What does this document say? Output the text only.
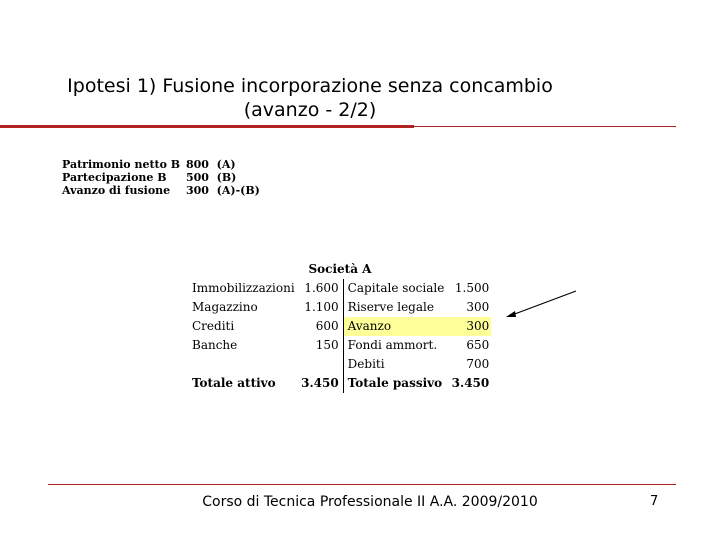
Ipotesi 1) Fusione incorporazione senza concambio
(avanzo - 2/2)
Patrimonio netto B	800 (A)
Partecipazione B	500 (B)
Avanzo di fusione	300 (A)-(B)
Società A
Immobilizzazioni	1.600	Capitale sociale	1.500
Magazzino	1.100	Riserve legale	300
Crediti	600	Avanzo	300
Banche	150	Fondi ammort.	650
		Debiti	700
Totale attivo	3.450	Totale passivo	3.450
Corso di Tecnica Professionale II A.A. 2009/2010	7
